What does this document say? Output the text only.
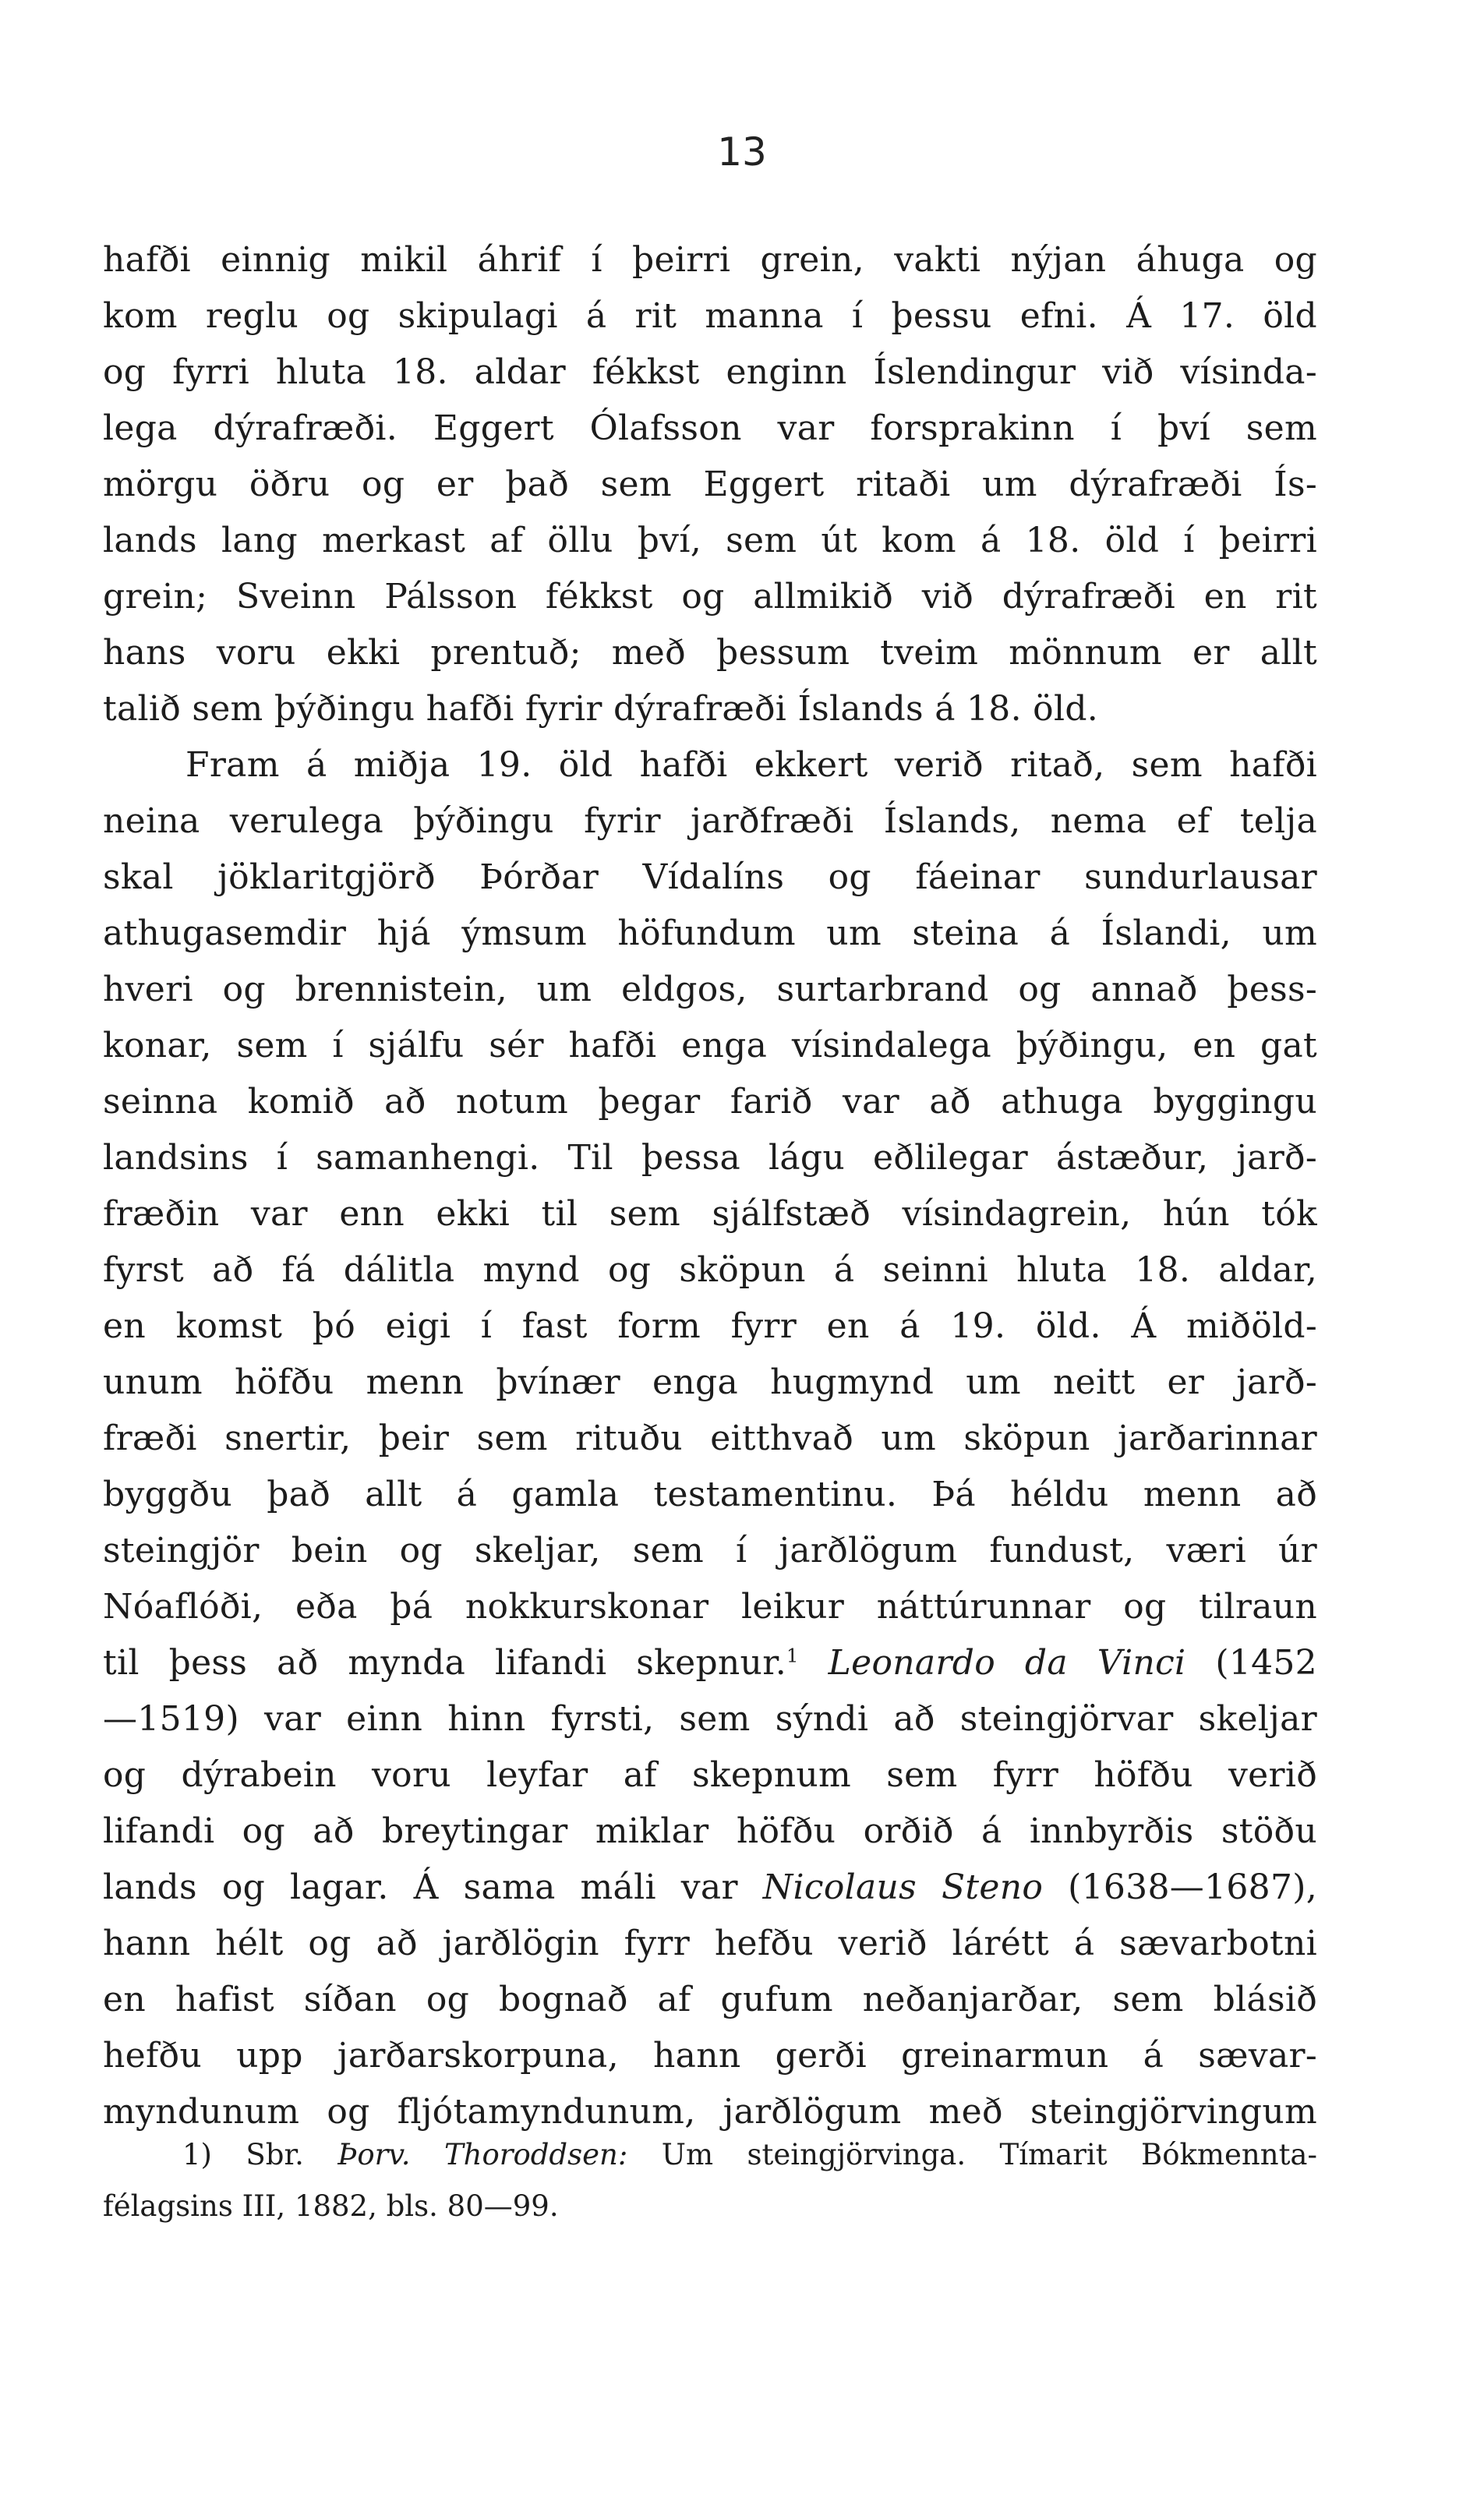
13
hafði einnig mikil áhrif í þeirri grein, vakti nýjan áhuga og
kom reglu og skipulagi á rit manna í þessu efni. Á 17. öld
og fyrri hluta 18. aldar fékkst enginn Íslendingur við vísinda-
lega dýrafræði. Eggert Ólafsson var forsprakinn í því sem
mörgu öðru og er það sem Eggert ritaði um dýrafræði Ís-
lands lang merkast af öllu því, sem út kom á 18. öld í þeirri
grein; Sveinn Pálsson fékkst og allmikið við dýrafræði en rit
hans voru ekki prentuð; með þessum tveim mönnum er allt
talið sem þýðingu hafði fyrir dýrafræði Íslands á 18. öld.
Fram á miðja 19. öld hafði ekkert verið ritað, sem hafði
neina verulega þýðingu fyrir jarðfræði Íslands, nema ef telja
skal jöklaritgjörð Þórðar Vídalíns og fáeinar sundurlausar
athugasemdir hjá ýmsum höfundum um steina á Íslandi, um
hveri og brennistein, um eldgos, surtarbrand og annað þess-
konar, sem í sjálfu sér hafði enga vísindalega þýðingu, en gat
seinna komið að notum þegar farið var að athuga byggingu
landsins í samanhengi. Til þessa lágu eðlilegar ástæður, jarð-
fræðin var enn ekki til sem sjálfstæð vísindagrein, hún tók
fyrst að fá dálitla mynd og sköpun á seinni hluta 18. aldar,
en komst þó eigi í fast form fyrr en á 19. öld. Á miðöld-
unum höfðu menn þvínær enga hugmynd um neitt er jarð-
fræði snertir, þeir sem rituðu eitthvað um sköpun jarðarinnar
byggðu það allt á gamla testamentinu. Þá héldu menn að
steingjör bein og skeljar, sem í jarðlögum fundust, væri úr
Nóaflóði, eða þá nokkurskonar leikur náttúrunnar og tilraun
til þess að mynda lifandi skepnur.$^1$ Leonardo da Vinci (1452
—1519) var einn hinn fyrsti, sem sýndi að steingjörvar skeljar
og dýrabein voru leyfar af skepnum sem fyrr höfðu verið
lifandi og að breytingar miklar höfðu orðið á innbyrðis stöðu
lands og lagar. Á sama máli var Nicolaus Steno (1638—1687),
hann hélt og að jarðlögin fyrr hefðu verið lárétt á sævarbotni
en hafist síðan og bognað af gufum neðanjarðar, sem blásið
hefðu upp jarðarskorpuna, hann gerði greinarmun á sævar-
myndunum og fljótamyndunum, jarðlögum með steingjörvingum
1) Sbr. Þorv. Thoroddsen: Um steingjörvinga. Tímarit Bókmennta-
félagsins III, 1882, bls. 80—99.
